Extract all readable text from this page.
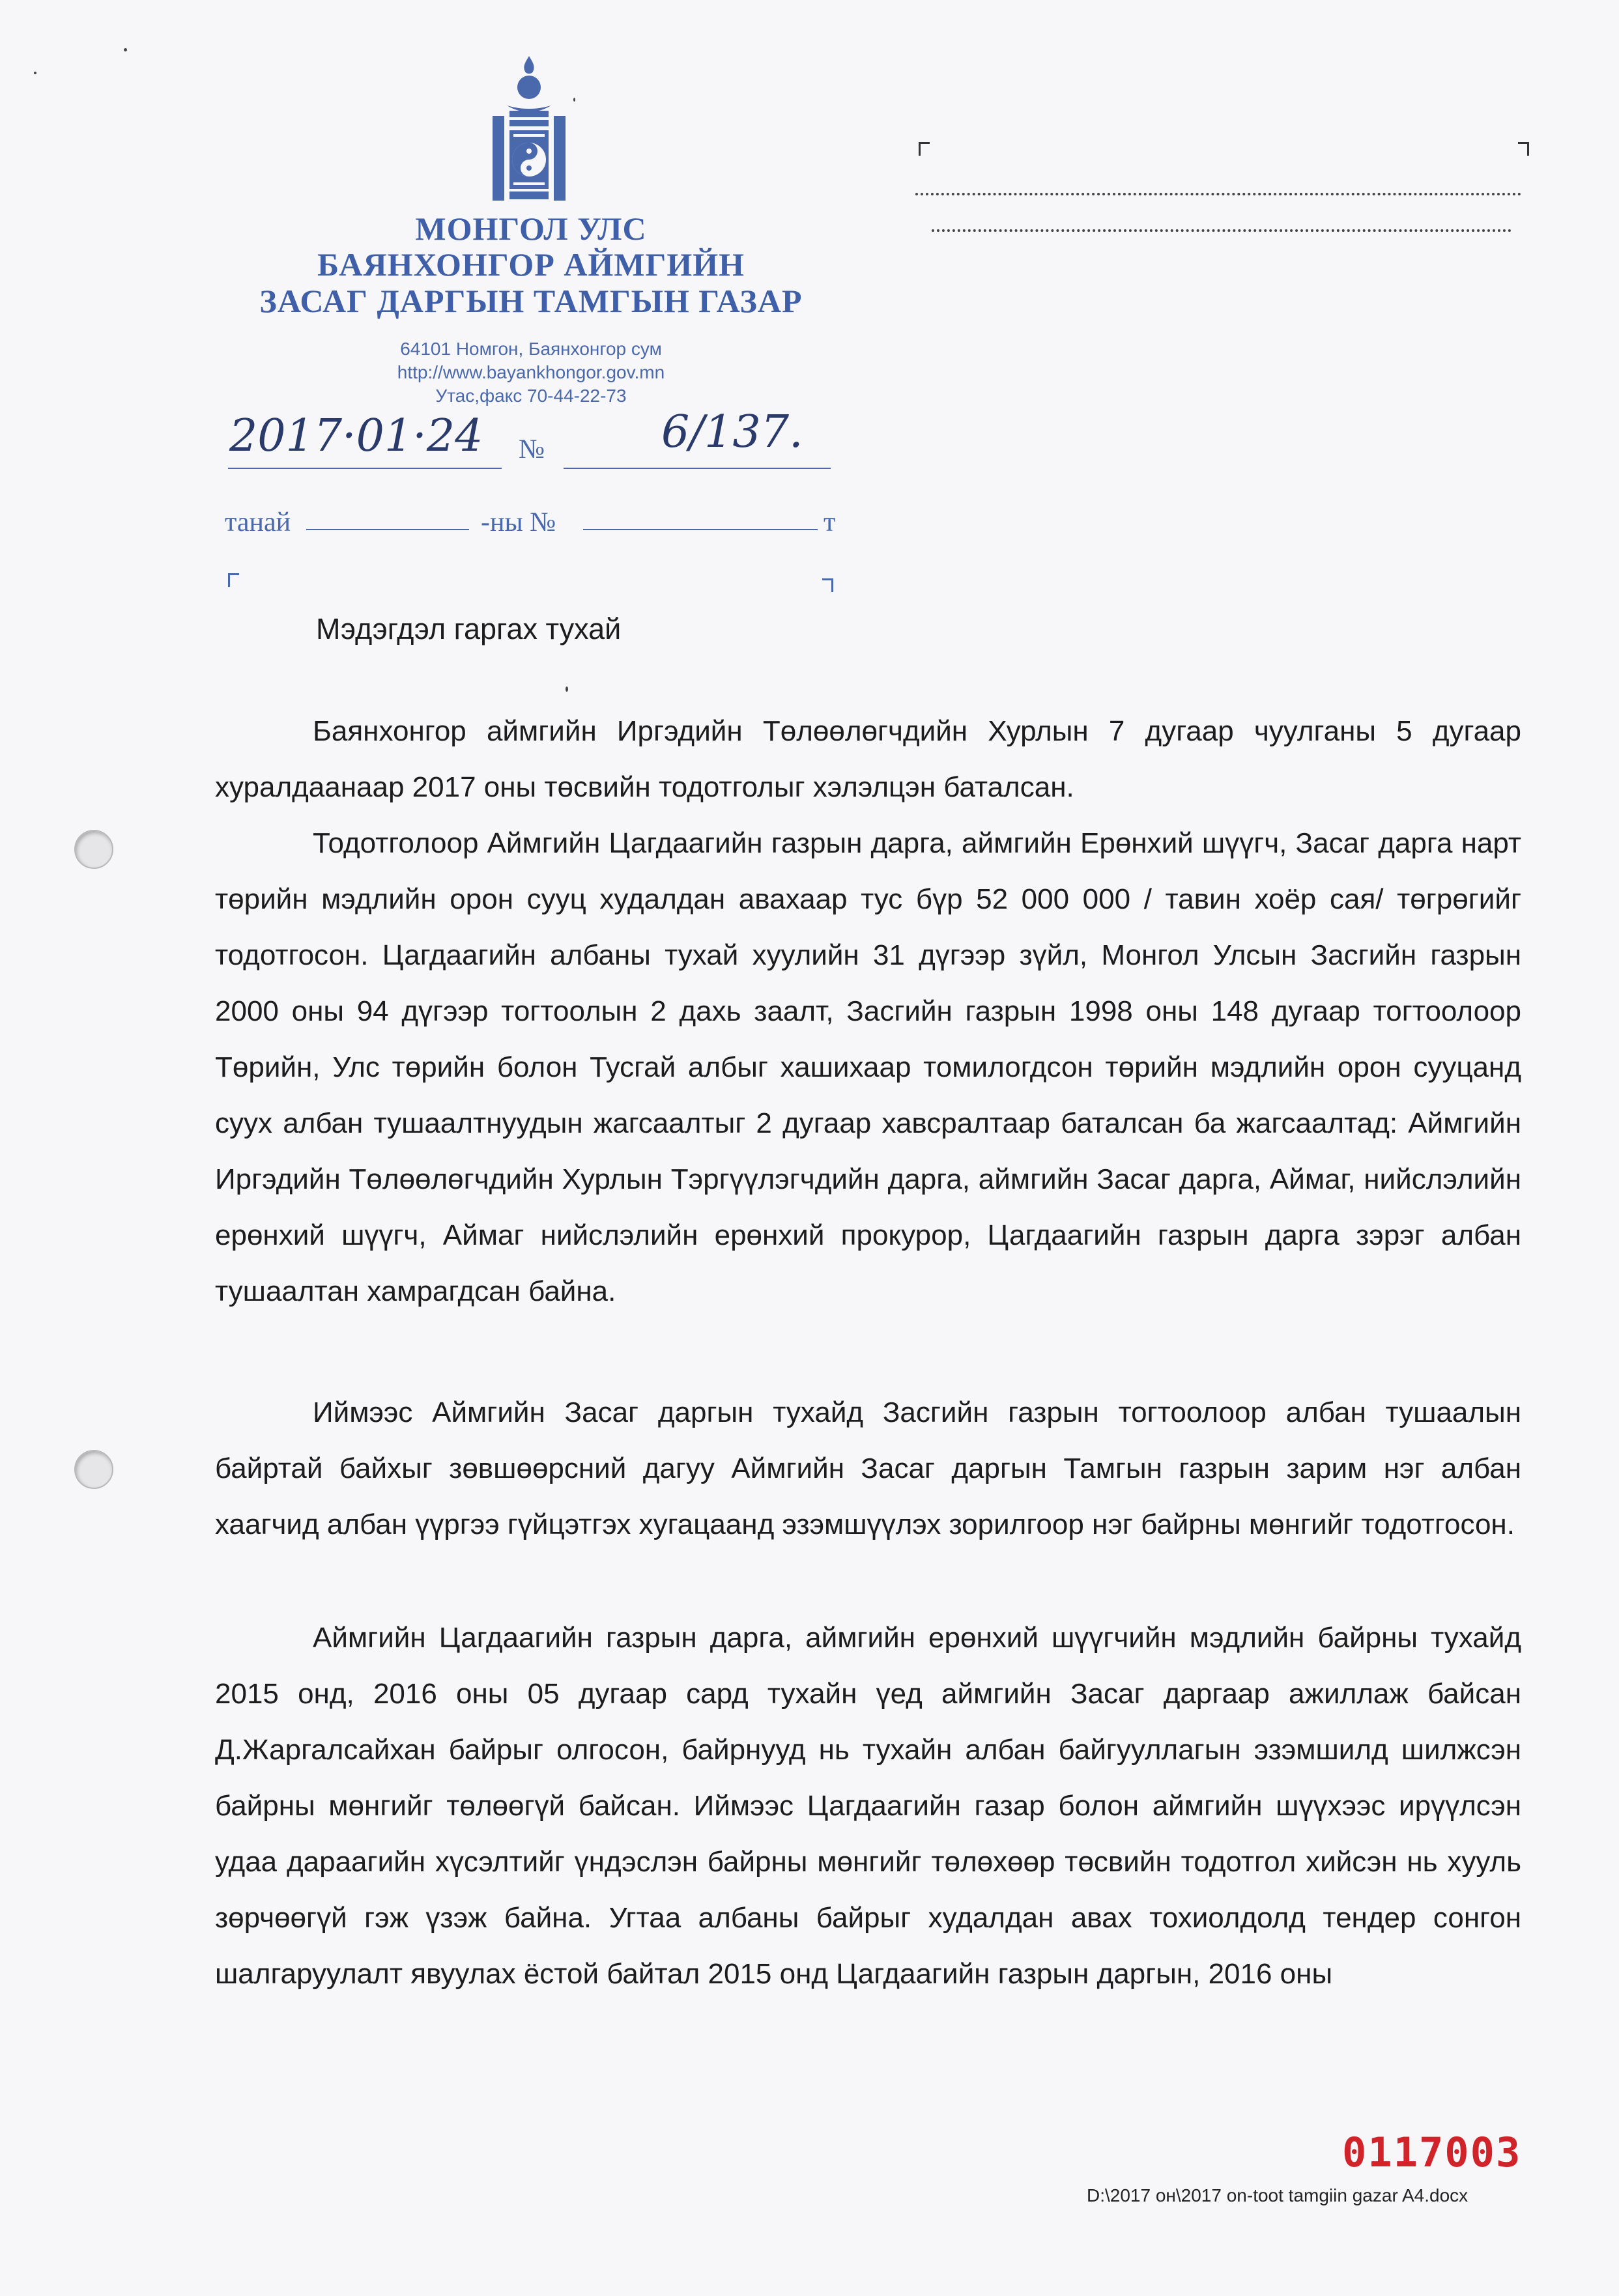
МОНГОЛ УЛС
БАЯНХОНГОР АЙМГИЙН
ЗАСАГ ДАРГЫН ТАМГЫН ГАЗАР
64101 Номгон, Баянхонгор сум
http://www.bayankhongor.gov.mn
Утас,факс 70-44-22-73
2017·01·24 №	6/137.
танай	-ны №	т
Мэдэгдэл гаргах тухай
Баянхонгор аймгийн Иргэдийн Төлөөлөгчдийн Хурлын 7 дугаар чуулганы 5 дугаар хуралдаанаар 2017 оны төсвийн тодотголыг хэлэлцэн баталсан.
Тодотголоор Аймгийн Цагдаагийн газрын дарга, аймгийн Ерөнхий шүүгч, Засаг дарга нарт төрийн мэдлийн орон сууц худалдан авахаар тус бүр 52 000 000 / тавин хоёр сая/ төгрөгийг тодотгосон. Цагдаагийн албаны тухай хуулийн 31 дүгээр зүйл, Монгол Улсын Засгийн газрын 2000 оны 94 дүгээр тогтоолын 2 дахь заалт, Засгийн газрын 1998 оны 148 дугаар тогтоолоор Төрийн, Улс төрийн болон Тусгай албыг хашихаар томилогдсон төрийн мэдлийн орон сууцанд суух албан тушаалтнуудын жагсаалтыг 2 дугаар хавсралтаар баталсан ба жагсаалтад: Аймгийн Иргэдийн Төлөөлөгчдийн Хурлын Тэргүүлэгчдийн дарга, аймгийн Засаг дарга, Аймаг, нийслэлийн ерөнхий шүүгч, Аймаг нийслэлийн ерөнхий прокурор, Цагдаагийн газрын дарга зэрэг албан тушаалтан хамрагдсан байна.
Иймээс Аймгийн Засаг даргын тухайд Засгийн газрын тогтоолоор албан тушаалын байртай байхыг зөвшөөрсний дагуу Аймгийн Засаг даргын Тамгын газрын зарим нэг албан хаагчид албан үүргээ гүйцэтгэх хугацаанд эзэмшүүлэх зорилгоор нэг байрны мөнгийг тодотгосон.
Аймгийн Цагдаагийн газрын дарга, аймгийн ерөнхий шүүгчийн мэдлийн байрны тухайд 2015 онд, 2016 оны 05 дугаар сард тухайн үед аймгийн Засаг даргаар ажиллаж байсан Д.Жаргалсайхан байрыг олгосон, байрнууд нь тухайн албан байгууллагын эзэмшилд шилжсэн байрны мөнгийг төлөөгүй байсан. Иймээс Цагдаагийн газар болон аймгийн шүүхээс ирүүлсэн удаа дараагийн хүсэлтийг үндэслэн байрны мөнгийг төлөхөөр төсвийн тодотгол хийсэн нь хууль зөрчөөгүй гэж үзэж байна. Угтаа албаны байрыг худалдан авах тохиолдолд тендер сонгон шалгаруулалт явуулах ёстой байтал 2015 онд Цагдаагийн газрын даргын, 2016 оны
0117003
D:\2017 он\2017 on-toot tamgiin gazar A4.docx
